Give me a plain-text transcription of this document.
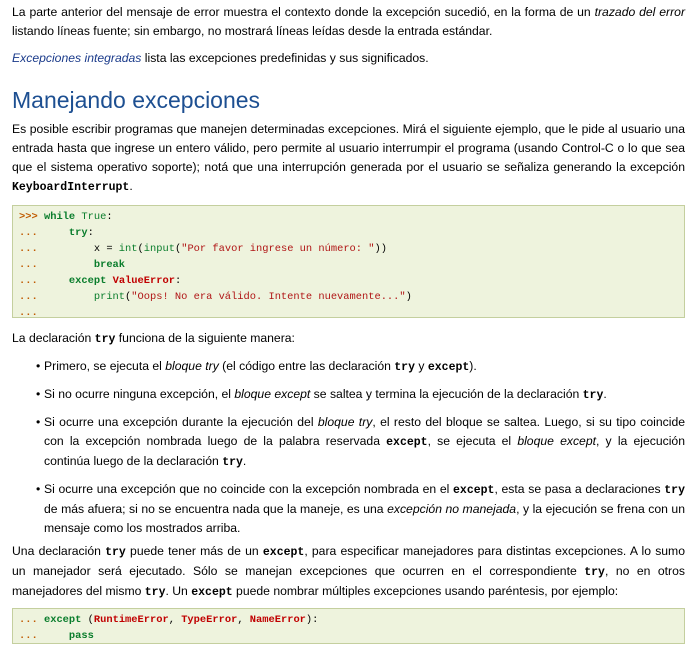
La parte anterior del mensaje de error muestra el contexto donde la excepción sucedió, en la forma de un trazado del error listando líneas fuente; sin embargo, no mostrará líneas leídas desde la entrada estándar.

Excepciones integradas lista las excepciones predefinidas y sus significados.

Manejando excepciones

Es posible escribir programas que manejen determinadas excepciones. Mirá el siguiente ejemplo, que le pide al usuario una entrada hasta que ingrese un entero válido, pero permite al usuario interrumpir el programa (usando Control-C o lo que sea que el sistema operativo soporte); notá que una interrupción generada por el usuario se señaliza generando la excepción KeyboardInterrupt.

>>> while True:
...	try:
...	x = int(input("Por favor ingrese un número: "))
...	break
...	except ValueError:
...	print("Oops! No era válido. Intente nuevamente...")
...

La declaración try funciona de la siguiente manera:

• Primero, se ejecuta el bloque try (el código entre las declaración try y except).
• Si no ocurre ninguna excepción, el bloque except se saltea y termina la ejecución de la declaración try.
• Si ocurre una excepción durante la ejecución del bloque try, el resto del bloque se saltea. Luego, si su tipo coincide con la excepción nombrada luego de la palabra reservada except, se ejecuta el bloque except, y la ejecución continúa luego de la declaración try.
• Si ocurre una excepción que no coincide con la excepción nombrada en el except, esta se pasa a declaraciones try de más afuera; si no se encuentra nada que la maneje, es una excepción no manejada, y la ejecución se frena con un mensaje como los mostrados arriba.

Una declaración try puede tener más de un except, para especificar manejadores para distintas excepciones. A lo sumo un manejador será ejecutado. Sólo se manejan excepciones que ocurren en el correspondiente try, no en otros manejadores del mismo try. Un except puede nombrar múltiples excepciones usando paréntesis, por ejemplo:

... except (RuntimeError, TypeError, NameError):
...	pass
